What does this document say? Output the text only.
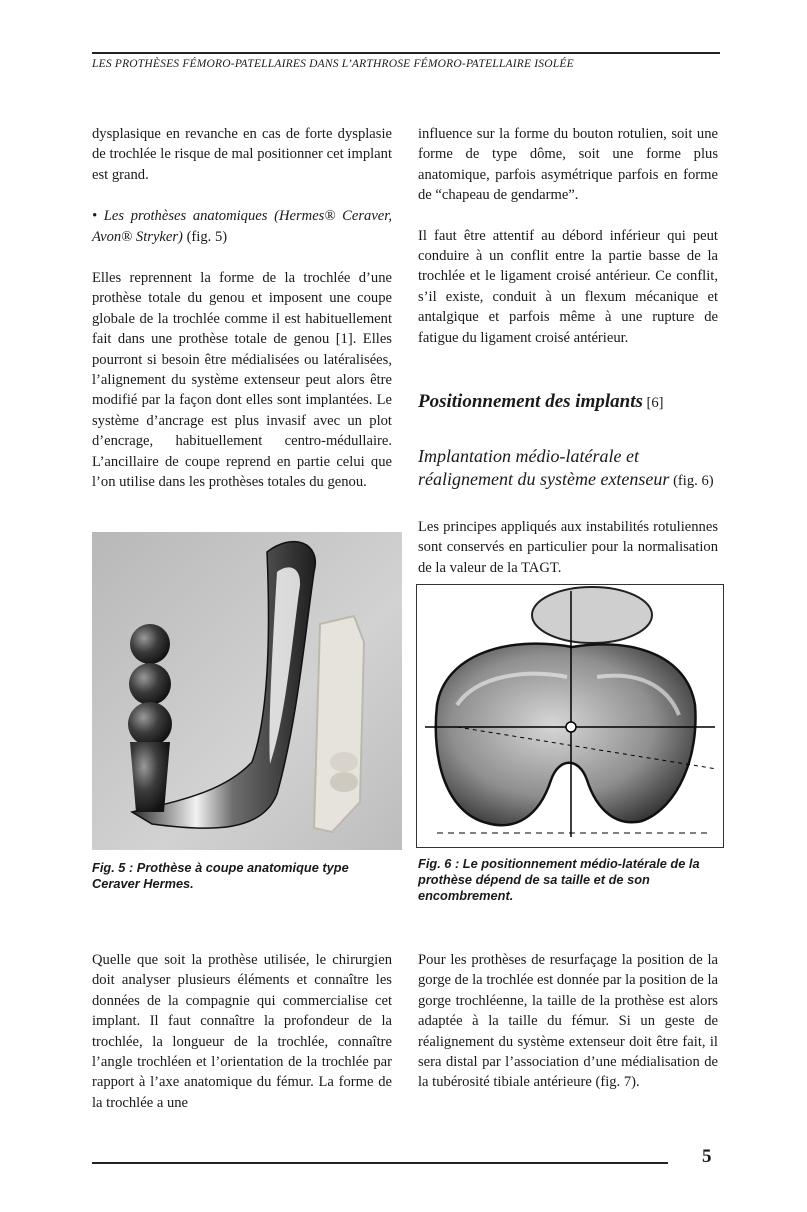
LES PROTHÈSES FÉMORO-PATELLAIRES DANS L’ARTHROSE FÉMORO-PATELLAIRE ISOLÉE

dysplasique en revanche en cas de forte dysplasie de trochlée le risque de mal positionner cet implant est grand.

• Les prothèses anatomiques (Hermes® Ceraver, Avon® Stryker) (fig. 5)

Elles reprennent la forme de la trochlée d’une prothèse totale du genou et imposent une coupe globale de la trochlée comme il est habituellement fait dans une prothèse totale de genou [1]. Elles pourront si besoin être médialisées ou latéralisées, l’alignement du système extenseur peut alors être modifié par la façon dont elles sont implantées. Le système d’ancrage est plus invasif avec un plot d’encrage, habituellement centro-médullaire. L’ancillaire de coupe reprend en partie celui que l’on utilise dans les prothèses totales du genou.

influence sur la forme du bouton rotulien, soit une forme de type dôme, soit une forme plus anatomique, parfois asymétrique parfois en forme de “chapeau de gendarme”.

Il faut être attentif au débord inférieur qui peut conduire à un conflit entre la partie basse de la trochlée et le ligament croisé antérieur. Ce conflit, s’il existe, conduit à un flexum mécanique et antalgique et parfois même à une rupture de fatigue du ligament croisé antérieur.

Positionnement des implants [6]

Implantation médio-latérale et réalignement du système extenseur (fig. 6)

Les principes appliqués aux instabilités rotuliennes sont conservés en particulier pour la normalisation de la valeur de la TAGT.

Fig. 5 : Prothèse à coupe anatomique type Ceraver Hermes.
Fig. 6 : Le positionnement médio-latérale de la prothèse dépend de sa taille et de son encombrement.

Quelle que soit la prothèse utilisée, le chirurgien doit analyser plusieurs éléments et connaître les données de la compagnie qui commercialise cet implant. Il faut connaître la profondeur de la trochlée, la longueur de la trochlée, connaître l’angle trochléen et l’orientation de la trochlée par rapport à l’axe anatomique du fémur. La forme de la trochlée a une

Pour les prothèses de resurfaçage la position de la gorge de la trochlée est donnée par la position de la gorge trochléenne, la taille de la prothèse est alors adaptée à la taille du fémur. Si un geste de réalignement du système extenseur doit être fait, il sera distal par l’association d’une médialisation de la tubérosité tibiale antérieure (fig. 7).

5
